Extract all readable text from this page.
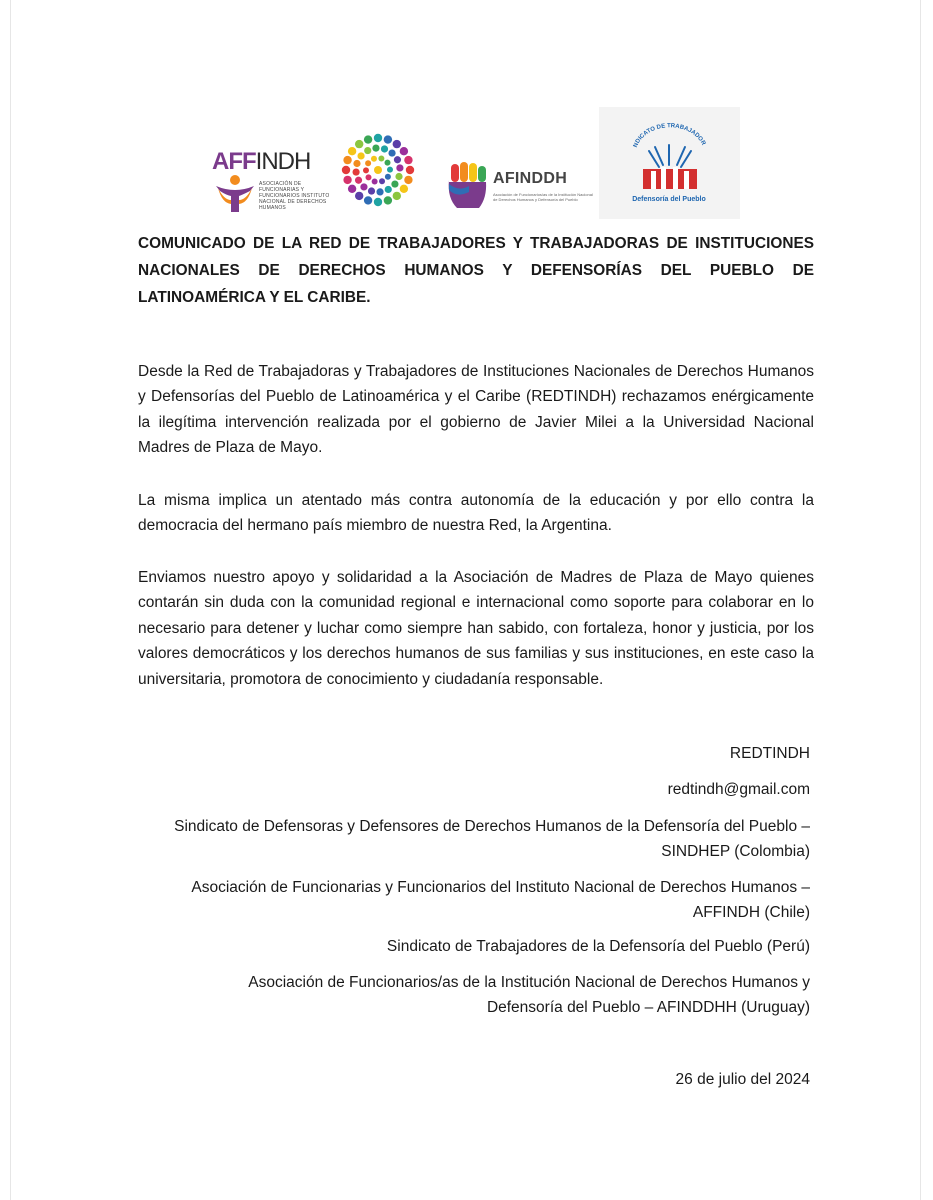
AFFINDH
ASOCIACIÓN DE FUNCIONARIAS Y FUNCIONARIOS INSTITUTO NACIONAL DE DERECHOS HUMANOS
AFINDDH
Asociación de Funcionarios/as de la Institución Nacional de Derechos Humanos y Defensoría del Pueblo
NDICATO DE TRABAJADOR
Defensoría del Pueblo
COMUNICADO DE LA RED DE TRABAJADORES Y TRABAJADORAS DE INSTITUCIONES NACIONALES DE DERECHOS HUMANOS Y DEFENSORÍAS DEL PUEBLO DE LATINOAMÉRICA Y EL CARIBE.

Desde la Red de Trabajadoras y Trabajadores de Instituciones Nacionales de Derechos Humanos y Defensorías del Pueblo de Latinoamérica y el Caribe (REDTINDH) rechazamos enérgicamente la ilegítima intervención realizada por el gobierno de Javier Milei a la Universidad Nacional Madres de Plaza de Mayo.

La misma implica un atentado más contra autonomía de la educación y por ello contra la democracia del hermano país miembro de nuestra Red, la Argentina.

Enviamos nuestro apoyo y solidaridad a la Asociación de Madres de Plaza de Mayo quienes contarán sin duda con la comunidad regional e internacional como soporte para colaborar en lo necesario para detener y luchar como siempre han sabido, con fortaleza, honor y justicia, por los valores democráticos y los derechos humanos de sus familias y sus instituciones, en este caso la universitaria, promotora de conocimiento y ciudadanía responsable.

REDTINDH

redtindh@gmail.com

Sindicato de Defensoras y Defensores de Derechos Humanos de la Defensoría del Pueblo –
SINDHEP (Colombia)
Asociación de Funcionarias y Funcionarios del Instituto Nacional de Derechos Humanos –
AFFINDH (Chile)
Sindicato de Trabajadores de la Defensoría del Pueblo (Perú)
Asociación de Funcionarios/as de la Institución Nacional de Derechos Humanos y
Defensoría del Pueblo – AFINDDHH (Uruguay)

26 de julio del 2024
